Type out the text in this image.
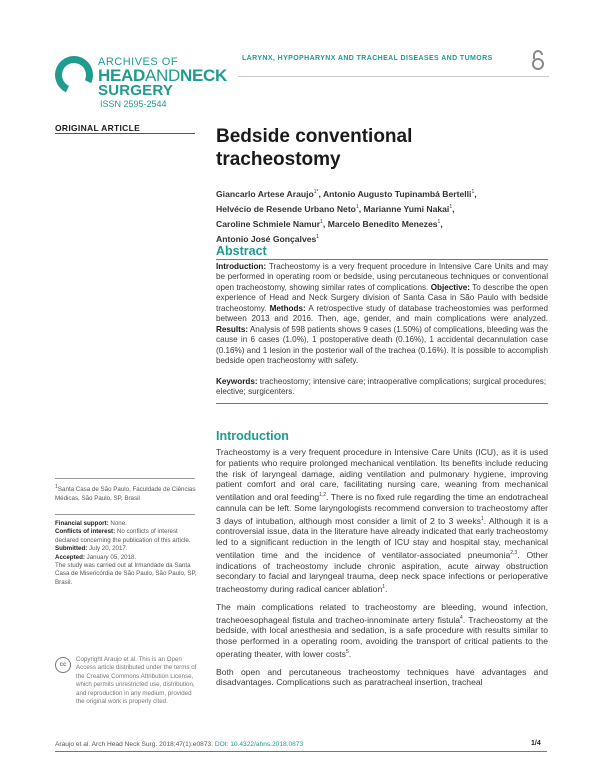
ARCHIVES OF
HEADANDNECK
SURGERY
ISSN 2595-2544
LARYNX, HYPOPHARYNX AND TRACHEAL DISEASES AND TUMORS
ORIGINAL ARTICLE
$^1$Santa Casa de São Paulo, Faculdade de Ciências Médicas, São Paulo, SP, Brasil
Financial support: None.
Conflicts of interest: No conflicts of interest declared concerning the publication of this article.
Submitted: July 20, 2017.
Accepted: January 05, 2018.
The study was carried out at Irmandade da Santa Casa de Misericórdia de São Paulo, São Paulo, SP, Brasil.
cc
Copyright Araujo et al. This is an Open Access article distributed under the terms of the Creative Commons Attribution License, which permits unrestricted use, distribution, and reproduction in any medium, provided the original work is properly cited.
Bedside conventional
tracheostomy
Giancarlo Artese Araujo$^{1*}$, Antonio Augusto Tupinambá Bertelli$^1$,
Helvécio de Resende Urbano Neto$^1$, Marianne Yumi Nakai$^1$,
Caroline Schmiele Namur$^1$, Marcelo Benedito Menezes$^1$,
Antonio José Gonçalves$^1$
Abstract
Introduction: Tracheostomy is a very frequent procedure in Intensive Care Units and may be performed in operating room or bedside, using percutaneous techniques or conventional open tracheostomy, showing similar rates of complications. Objective: To describe the open experience of Head and Neck Surgery division of Santa Casa in São Paulo with bedside tracheostomy. Methods: A retrospective study of database tracheostomies was performed between 2013 and 2016. Then, age, gender, and main complications were analyzed. Results: Analysis of 598 patients shows 9 cases (1.50%) of complications, bleeding was the cause in 6 cases (1.0%), 1 postoperative death (0.16%), 1 accidental decannulation case (0.16%) and 1 lesion in the posterior wall of the trachea (0.16%). It is possible to accomplish bedside open tracheostomy with safety.
Keywords: tracheostomy; intensive care; intraoperative complications; surgical procedures; elective; surgicenters.
Introduction

Tracheostomy is a very frequent procedure in Intensive Care Units (ICU), as it is used for patients who require prolonged mechanical ventilation. Its benefits include reducing the risk of laryngeal damage, aiding ventilation and pulmonary hygiene, improving patient comfort and oral care, facilitating nursing care, weaning from mechanical ventilation and oral feeding$^{1,2}$. There is no fixed rule regarding the time an endotracheal cannula can be left. Some laryngologists recommend conversion to tracheostomy after 3 days of intubation, although most consider a limit of 2 to 3 weeks$^1$. Although it is a controversial issue, data in the literature have already indicated that early tracheostomy led to a significant reduction in the length of ICU stay and hospital stay, mechanical ventilation time and the incidence of ventilator-associated pneumonia$^{2,3}$. Other indications of tracheostomy include chronic aspiration, acute airway obstruction secondary to facial and laryngeal trauma, deep neck space infections or perioperative tracheostomy during radical cancer ablation$^1$.

The main complications related to tracheostomy are bleeding, wound infection, tracheoesophageal fistula and tracheo-innominate artery fistula$^4$. Tracheostomy at the bedside, with local anesthesia and sedation, is a safe procedure with results similar to those performed in a operating room, avoiding the transport of critical patients to the operating theater, with lower costs$^5$.

Both open and percutaneous tracheostomy techniques have advantages and disadvantages. Complications such as paratracheal insertion, tracheal

Araujo et al. Arch Head Neck Surg. 2018;47(1):e0873. DOI: 10.4322/ahns.2018.0873	1/4
